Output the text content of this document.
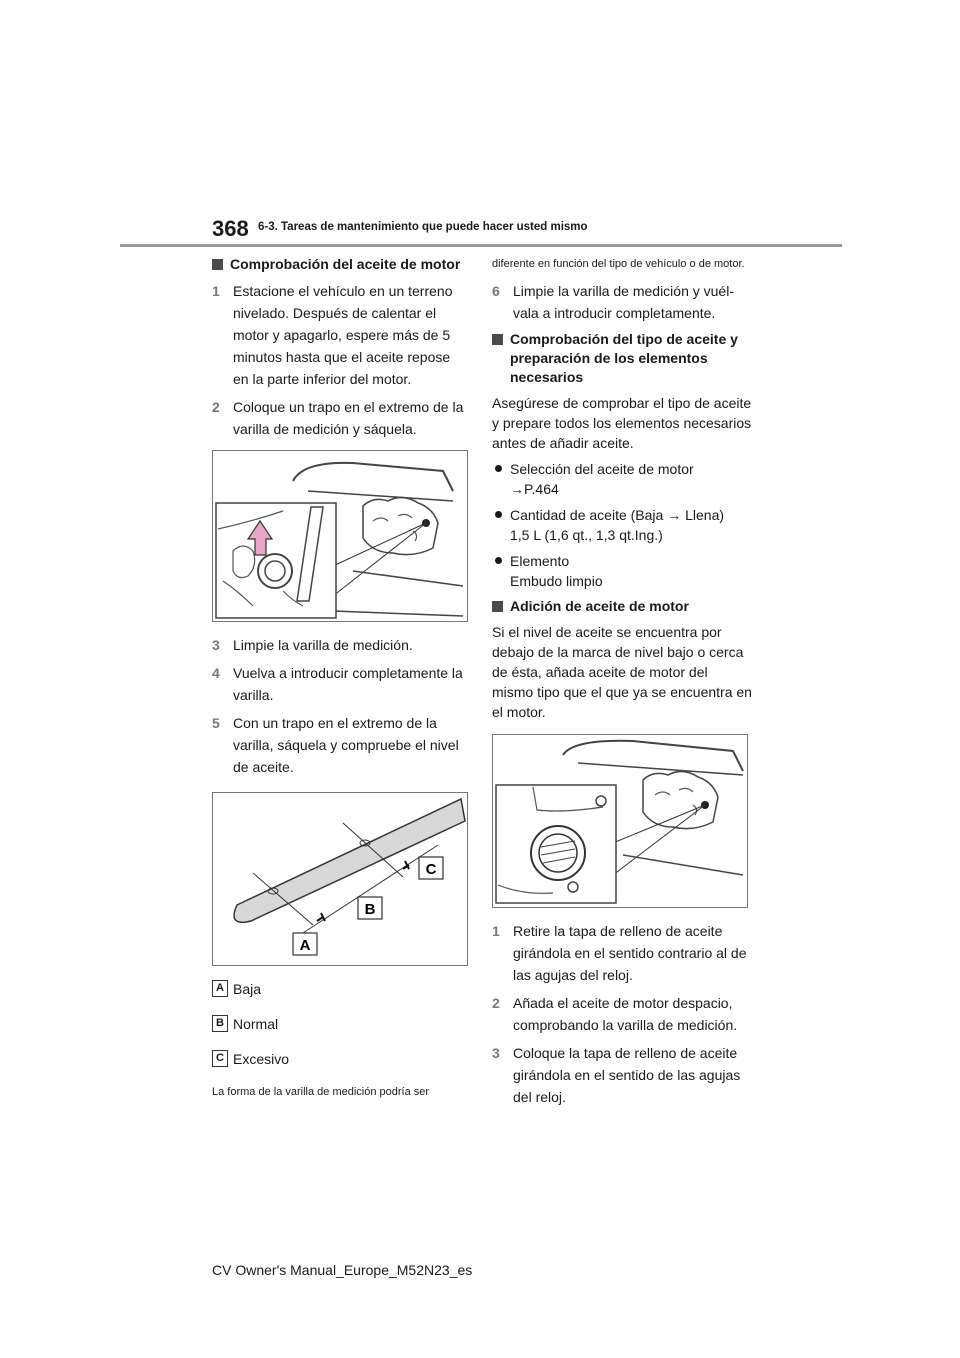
368 6-3. Tareas de mantenimiento que puede hacer usted mismo
Comprobación del aceite de motor
1 Estacione el vehículo en un terreno nivelado. Después de calentar el motor y apagarlo, espere más de 5 minutos hasta que el aceite repose en la parte inferior del motor.
2 Coloque un trapo en el extremo de la varilla de medición y sáquela.
3 Limpie la varilla de medición.
4 Vuelva a introducir completamente la varilla.
5 Con un trapo en el extremo de la varilla, sáquela y compruebe el nivel de aceite.
C
B
A
A Baja
B Normal
C Excesivo
La forma de la varilla de medición podría ser
diferente en función del tipo de vehículo o de motor.
6 Limpie la varilla de medición y vuélvala a introducir completamente.
Comprobación del tipo de aceite y preparación de los elementos necesarios
Asegúrese de comprobar el tipo de aceite y prepare todos los elementos necesarios antes de añadir aceite.
Selección del aceite de motor
→P.464
Cantidad de aceite (Baja → Llena)
1,5 L (1,6 qt., 1,3 qt.Ing.)
Elemento
Embudo limpio
Adición de aceite de motor
Si el nivel de aceite se encuentra por debajo de la marca de nivel bajo o cerca de ésta, añada aceite de motor del mismo tipo que el que ya se encuentra en el motor.
1 Retire la tapa de relleno de aceite girándola en el sentido contrario al de las agujas del reloj.
2 Añada el aceite de motor despacio, comprobando la varilla de medición.
3 Coloque la tapa de relleno de aceite girándola en el sentido de las agujas del reloj.
CV Owner's Manual_Europe_M52N23_es
